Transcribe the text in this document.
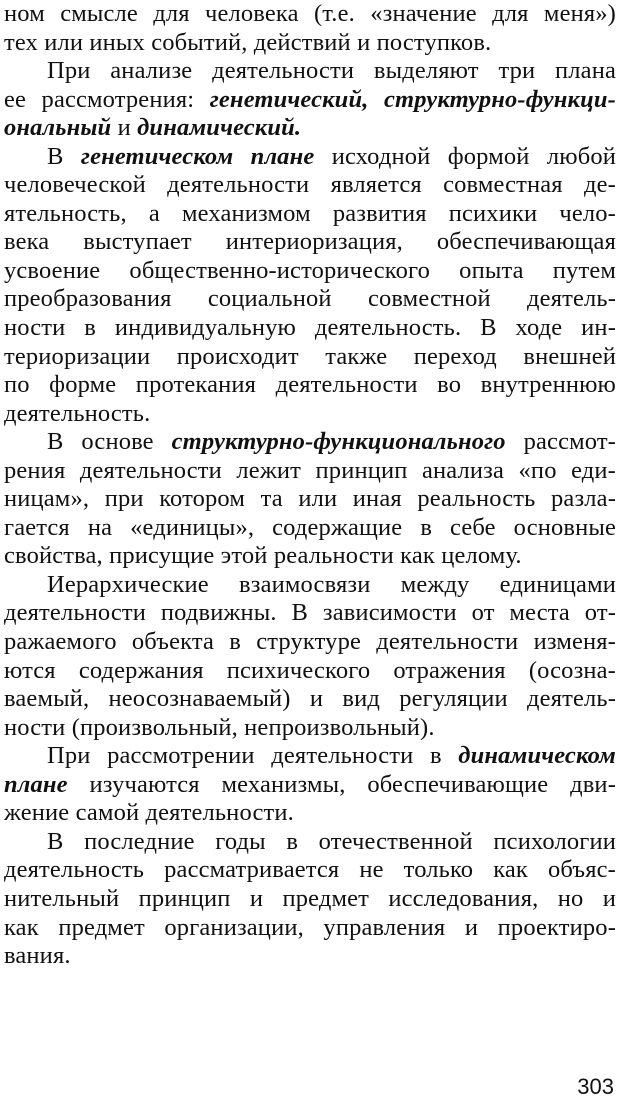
ном смысле для человека (т.е. «значение для меня»)
тех или иных событий, действий и поступков.
При анализе деятельности выделяют три плана
ее рассмотрения: генетический, структурно-функци-
ональный и динамический.
В генетическом плане исходной формой любой
человеческой деятельности является совместная де-
ятельность, а механизмом развития психики чело-
века выступает интериоризация, обеспечивающая
усвоение общественно-исторического опыта путем
преобразования социальной совместной деятель-
ности в индивидуальную деятельность. В ходе ин-
териоризации происходит также переход внешней
по форме протекания деятельности во внутреннюю
деятельность.
В основе структурно-функционального рассмот-
рения деятельности лежит принцип анализа «по еди-
ницам», при котором та или иная реальность разла-
гается на «единицы», содержащие в себе основные
свойства, присущие этой реальности как целому.
Иерархические взаимосвязи между единицами
деятельности подвижны. В зависимости от места от-
ражаемого объекта в структуре деятельности изменя-
ются содержания психического отражения (осозна-
ваемый, неосознаваемый) и вид регуляции деятель-
ности (произвольный, непроизвольный).
При рассмотрении деятельности в динамическом
плане изучаются механизмы, обеспечивающие дви-
жение самой деятельности.
В последние годы в отечественной психологии
деятельность рассматривается не только как объяс-
нительный принцип и предмет исследования, но и
как предмет организации, управления и проектиро-
вания.
303
